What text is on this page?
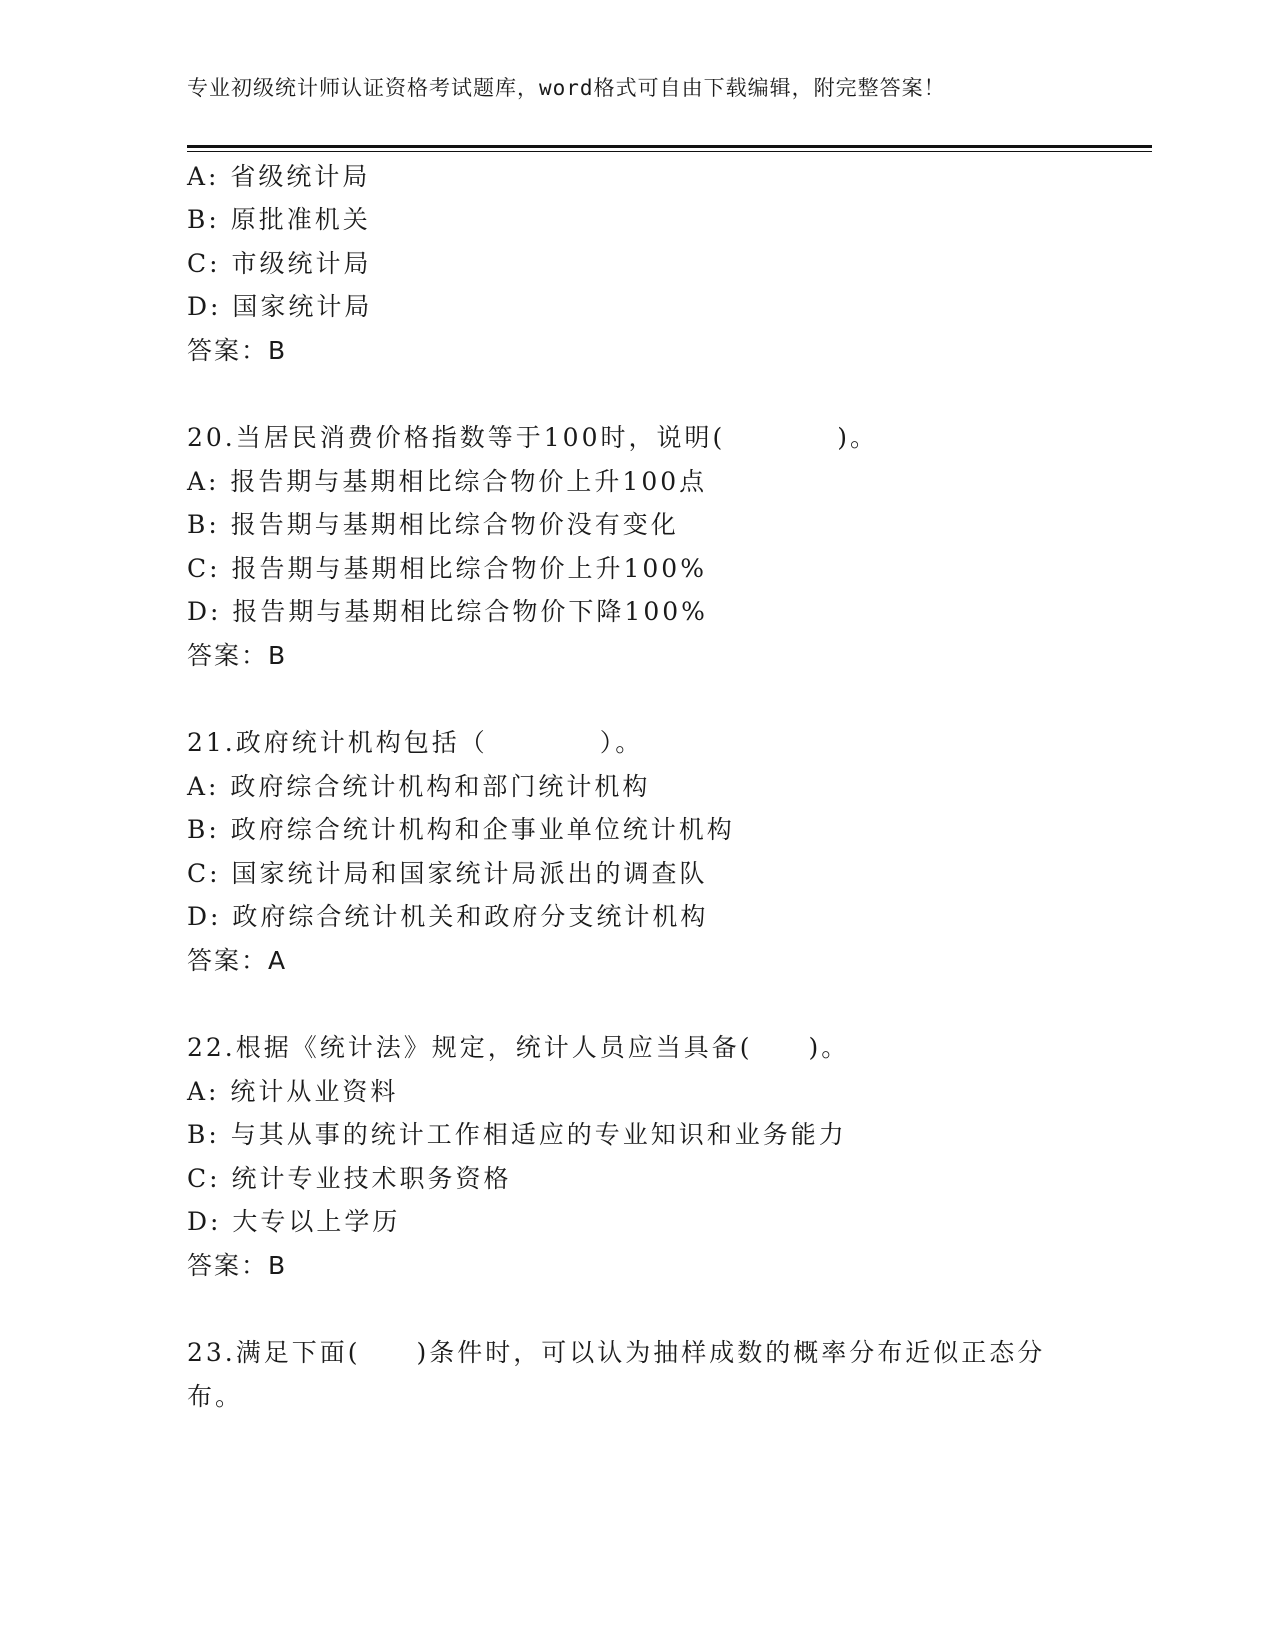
专业初级统计师认证资格考试题库，word格式可自由下载编辑，附完整答案！
A: 省级统计局
B: 原批准机关
C: 市级统计局
D: 国家统计局
答案：B
20.当居民消费价格指数等于100时，说明(　　　　)。
A: 报告期与基期相比综合物价上升100点
B: 报告期与基期相比综合物价没有变化
C: 报告期与基期相比综合物价上升100%
D: 报告期与基期相比综合物价下降100%
答案：B
21.政府统计机构包括（　　　　）。
A: 政府综合统计机构和部门统计机构
B: 政府综合统计机构和企事业单位统计机构
C: 国家统计局和国家统计局派出的调查队
D: 政府综合统计机关和政府分支统计机构
答案：A
22.根据《统计法》规定，统计人员应当具备(　　)。
A: 统计从业资料
B: 与其从事的统计工作相适应的专业知识和业务能力
C: 统计专业技术职务资格
D: 大专以上学历
答案：B
23.满足下面(　　)条件时，可以认为抽样成数的概率分布近似正态分
布。
